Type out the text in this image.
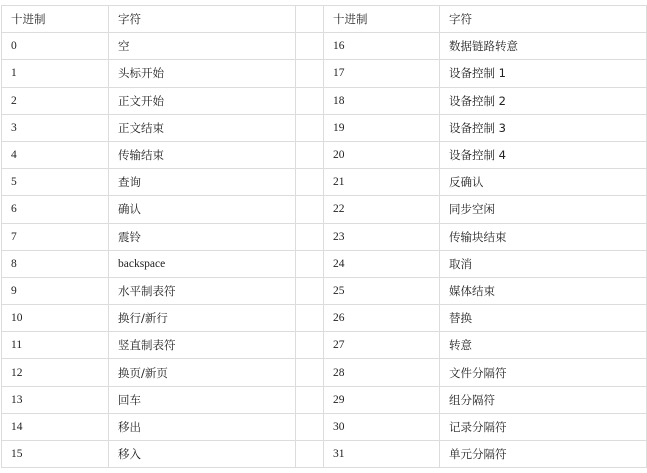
十进制	字符		十进制	字符
0	空		16	数据链路转意
1	头标开始		17	设备控制 1
2	正文开始		18	设备控制 2
3	正文结束		19	设备控制 3
4	传输结束		20	设备控制 4
5	查询		21	反确认
6	确认		22	同步空闲
7	震铃		23	传输块结束
8	backspace		24	取消
9	水平制表符		25	媒体结束
10	换行/新行		26	替换
11	竖直制表符		27	转意
12	换页/新页		28	文件分隔符
13	回车		29	组分隔符
14	移出		30	记录分隔符
15	移入		31	单元分隔符
